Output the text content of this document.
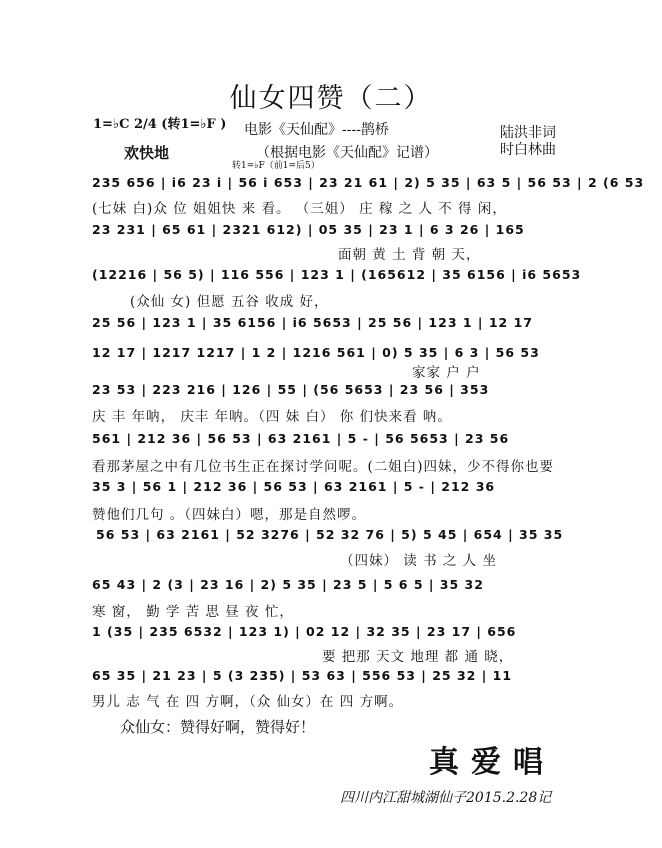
仙女四赞（二）
1=♭C 2/4 (转1=♭F ) 电影《天仙配》----鹊桥
（根据电影《天仙配》记谱）
陆洪非词
时白林曲
欢快地
转1=♭F（前1=后5）
235 656 | i6 23 i | 56 i 653 | 23 21 61 | 2) 5 35 | 63 5 | 56 53 | 2 (6 53
(七妹 白)众 位 姐姐快 来 看。 （三姐） 庄 稼 之 人 不 得 闲，
23 231 | 65 61 | 2321 612) | 05 35 | 23 1 | 6 3 26 | 165
面朝 黄 土 背 朝 天，
(12216 | 56 5) | 116 556 | 123 1 | (165612 | 35 6156 | i6 5653
(众仙 女) 但愿 五谷 收成 好，
25 56 | 123 1 | 35 6156 | i6 5653 | 25 56 | 123 1 | 12 17
12 17 | 1217 1217 | 1 2 | 1216 561 | 0) 5 35 | 6 3 | 56 53
家家 户 户
23 53 | 223 216 | 126 | 55 | (56 5653 | 23 56 | 353
庆 丰 年呐， 庆丰 年呐。（四 妹 白） 你 们快来看 呐。
561 | 212 36 | 56 53 | 63 2161 | 5 - | 56 5653 | 23 56
看那茅屋之中有几位书生正在探讨学问呢。(二姐白)四妹，少不得你也要
35 3 | 56 1 | 212 36 | 56 53 | 63 2161 | 5 - | 212 36
赞他们几句 。（四妹白）嗯，那是自然啰。
56 53 | 63 2161 | 52 3276 | 52 32 76 | 5) 5 45 | 654 | 35 35
（四妹） 读 书 之 人 坐
65 43 | 2 (3 | 23 16 | 2) 5 35 | 23 5 | 5 6 5 | 35 32
寒 窗， 勤 学 苦 思 昼 夜 忙，
1 (35 | 235 6532 | 123 1) | 02 12 | 32 35 | 23 17 | 656
要 把那 天文 地理 都 通 晓，
65 35 | 21 23 | 5 (3 235) | 53 63 | 556 53 | 25 32 | 11
男儿 志 气 在 四 方啊，（众 仙女）在 四 方啊。
众仙女：赞得好啊，赞得好！
真爱唱
四川内江甜城湖仙子2015.2.28记
